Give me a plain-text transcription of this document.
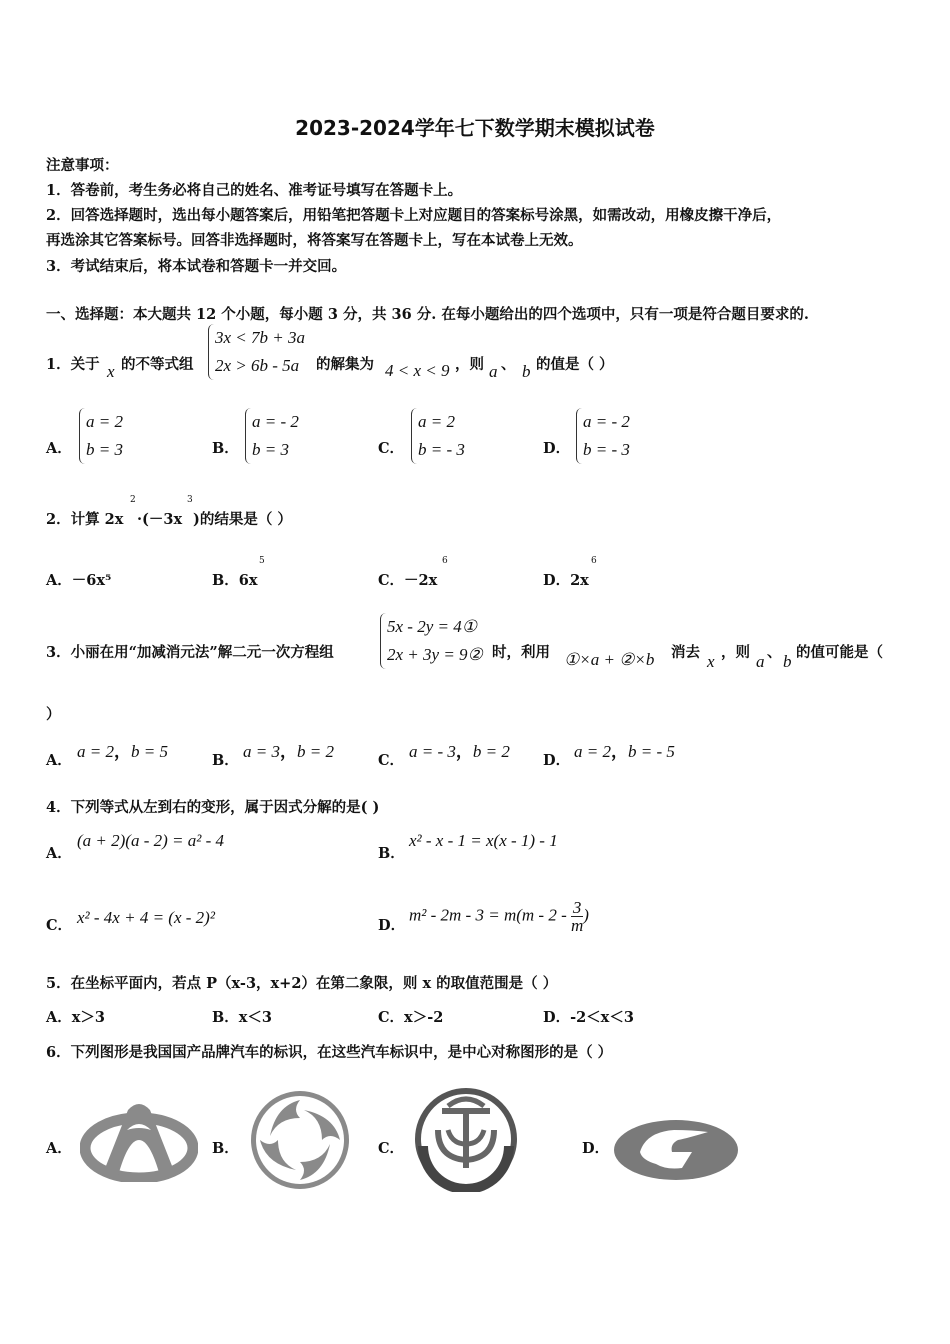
2023-2024学年七下数学期末模拟试卷
注意事项：
1．答卷前，考生务必将自己的姓名、准考证号填写在答题卡上。
2．回答选择题时，选出每小题答案后，用铅笔把答题卡上对应题目的答案标号涂黑，如需改动，用橡皮擦干净后，
再选涂其它答案标号。回答非选择题时，将答案写在答题卡上，写在本试卷上无效。
3．考试结束后，将本试卷和答题卡一并交回。
一、选择题：本大题共 12 个小题，每小题 3 分，共 36 分. 在每小题给出的四个选项中，只有一项是符合题目要求的.
1．关于 x 的不等式组
3x < 7b + 3a
2x > 6b - 5a	的解集为 4 < x < 9 ，则 a 、 b 的值是（ ）
A．
a = 2
b = 3	B．
a = - 2
b = 3	C．
a = 2
b = - 3	D．
a = - 2
b = - 3
2．计算 2x
2
·(－3x
3
)的结果是（ ）
A．－6x⁵	B．6x
5
C．－2x
6
D．2x
6
3．小丽在用“加减消元法”解二元一次方程组
5x - 2y = 4①
2x + 3y = 9② 时，利用 ①×a + ②×b 消去 x ，则 a 、 b 的值可能是（
）
A． a = 2，b = 5	B． a = 3，b = 2	C． a = - 3，b = 2 D． a = 2，b = - 5
4．下列等式从左到右的变形，属于因式分解的是( )
A．
(a + 2)(a - 2) = a² - 4
B．
x² - x - 1 = x(x - 1) - 1
C． x² - 4x + 4 = (x - 2)²	D．
$m^2 - 2m - 3 = m(m - 2 - \frac{3}{m}$ )
5．在坐标平面内，若点 P（x-3，x+2）在第二象限，则 x 的取值范围是（ ）
A．x＞3	B．x＜3	C．x＞-2	D．-2＜x＜3
6．下列图形是我国国产品牌汽车的标识，在这些汽车标识中，是中心对称图形的是（ ）
A．	B．	C．	D．
